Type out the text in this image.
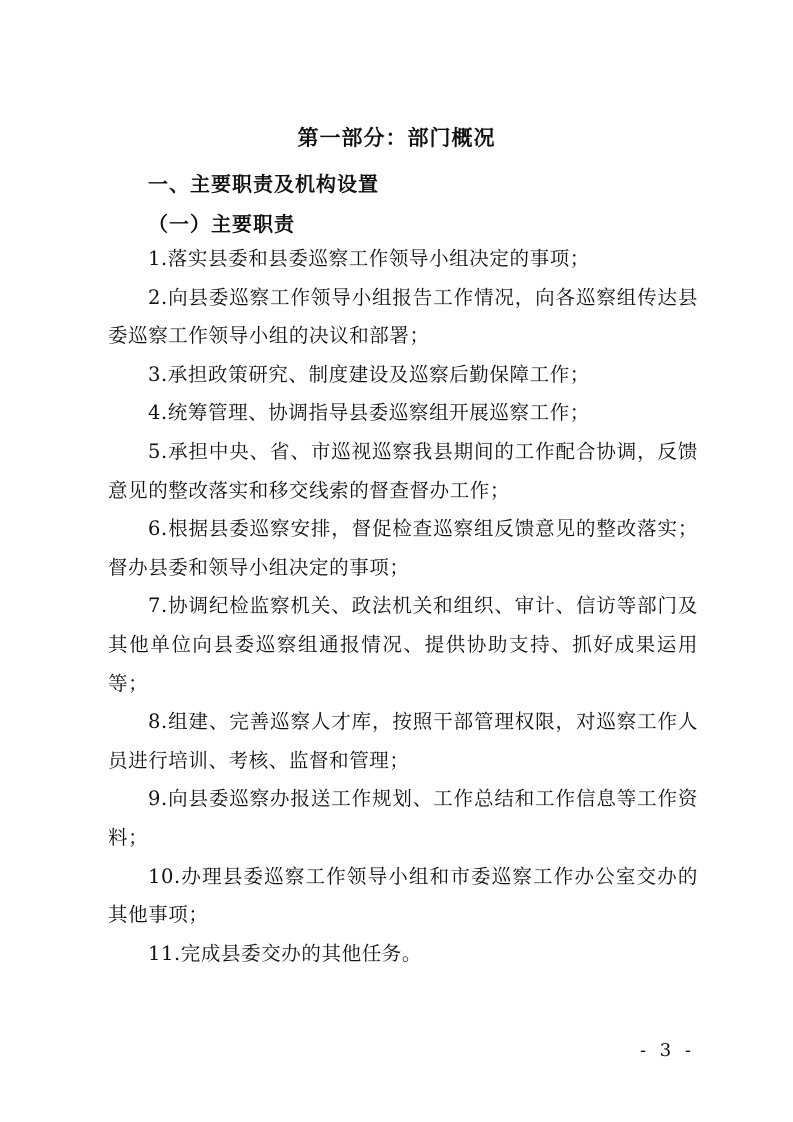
第一部分：部门概况
一、主要职责及机构设置
（一）主要职责

1.落实县委和县委巡察工作领导小组决定的事项；

2.向县委巡察工作领导小组报告工作情况，向各巡察组传达县委巡察工作领导小组的决议和部署；

3.承担政策研究、制度建设及巡察后勤保障工作；

4.统筹管理、协调指导县委巡察组开展巡察工作；

5.承担中央、省、市巡视巡察我县期间的工作配合协调，反馈意见的整改落实和移交线索的督查督办工作；

6.根据县委巡察安排，督促检查巡察组反馈意见的整改落实；督办县委和领导小组决定的事项；

7.协调纪检监察机关、政法机关和组织、审计、信访等部门及其他单位向县委巡察组通报情况、提供协助支持、抓好成果运用等；

8.组建、完善巡察人才库，按照干部管理权限，对巡察工作人员进行培训、考核、监督和管理；

9.向县委巡察办报送工作规划、工作总结和工作信息等工作资料；

10.办理县委巡察工作领导小组和市委巡察工作办公室交办的其他事项；

11.完成县委交办的其他任务。

- 3 -
